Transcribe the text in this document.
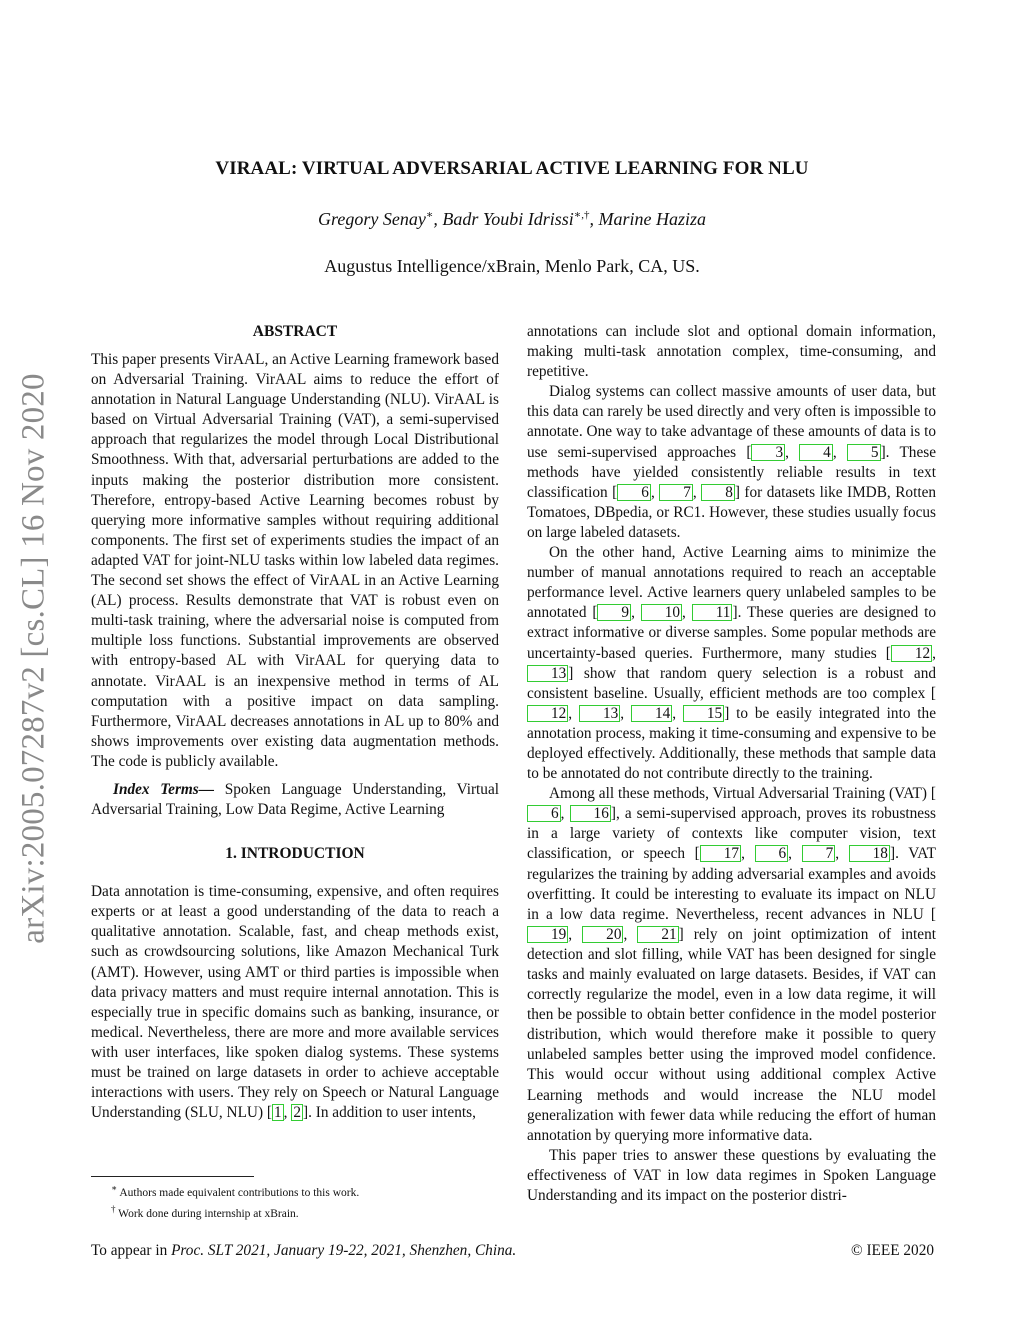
arXiv:2005.07287v2 [cs.CL] 16 Nov 2020
VIRAAL: VIRTUAL ADVERSARIAL ACTIVE LEARNING FOR NLU
Gregory Senay∗, Badr Youbi Idrissi∗,†, Marine Haziza
Augustus Intelligence/xBrain, Menlo Park, CA, US.
ABSTRACT

This paper presents VirAAL, an Active Learning framework based on Adversarial Training. VirAAL aims to reduce the effort of annotation in Natural Language Understanding (NLU). VirAAL is based on Virtual Adversarial Training (VAT), a semi-supervised approach that regularizes the model through Local Distributional Smoothness. With that, adversarial perturbations are added to the inputs making the posterior distribution more consistent. Therefore, entropy-based Active Learning becomes robust by querying more informative samples without requiring additional components. The first set of experiments studies the impact of an adapted VAT for joint-NLU tasks within low labeled data regimes. The second set shows the effect of VirAAL in an Active Learning (AL) process. Results demonstrate that VAT is robust even on multi-task training, where the adversarial noise is computed from multiple loss functions. Substantial improvements are observed with entropy-based AL with VirAAL for querying data to annotate. VirAAL is an inexpensive method in terms of AL computation with a positive impact on data sampling. Furthermore, VirAAL decreases annotations in AL up to 80% and shows improvements over existing data augmentation methods. The code is publicly available.

Index Terms— Spoken Language Understanding, Virtual Adversarial Training, Low Data Regime, Active Learning

1. INTRODUCTION

Data annotation is time-consuming, expensive, and often requires experts or at least a good understanding of the data to reach a qualitative annotation. Scalable, fast, and cheap methods exist, such as crowdsourcing solutions, like Amazon Mechanical Turk (AMT). However, using AMT or third parties is impossible when data privacy matters and must require internal annotation. This is especially true in specific domains such as banking, insurance, or medical. Nevertheless, there are more and more available services with user interfaces, like spoken dialog systems. These systems must be trained on large datasets in order to achieve acceptable interactions with users. They rely on Speech or Natural Language Understanding (SLU, NLU) [ 1 , 2 ]. In addition to user intents,

annotations can include slot and optional domain information, making multi-task annotation complex, time-consuming, and repetitive.

Dialog systems can collect massive amounts of user data, but this data can rarely be used directly and very often is impossible to annotate. One way to take advantage of these amounts of data is to use semi-supervised approaches [ 3 , 4 , 5 ]. These methods have yielded consistently reliable results in text classification [ 6 , 7 , 8 ] for datasets like IMDB, Rotten Tomatoes, DBpedia, or RC1. However, these studies usually focus on large labeled datasets.

On the other hand, Active Learning aims to minimize the number of manual annotations required to reach an acceptable performance level. Active learners query unlabeled samples to be annotated [ 9 , 10 , 11 ]. These queries are designed to extract informative or diverse samples. Some popular methods are uncertainty-based queries. Furthermore, many studies [ 12 , 13 ] show that random query selection is a robust and consistent baseline. Usually, efficient methods are too complex [12 , 13 , 14 , 15 ] to be easily integrated into the annotation process, making it time-consuming and expensive to be deployed effectively. Additionally, these methods that sample data to be annotated do not contribute directly to the training.

Among all these methods, Virtual Adversarial Training (VAT) [6 , 16 ], a semi-supervised approach, proves its robustness in a large variety of contexts like computer vision, text classification, or speech [ 17 , 6 , 7 , 18 ]. VAT regularizes the training by adding adversarial examples and avoids overfitting. It could be interesting to evaluate its impact on NLU in a low data regime. Nevertheless, recent advances in NLU [19 , 20 , 21 ] rely on joint optimization of intent detection and slot filling, while VAT has been designed for single tasks and mainly evaluated on large datasets. Besides, if VAT can correctly regularize the model, even in a low data regime, it will then be possible to obtain better confidence in the model posterior distribution, which would therefore make it possible to query unlabeled samples better using the improved model confidence. This would occur without using additional complex Active Learning methods and would increase the NLU model generalization with fewer data while reducing the effort of human annotation by querying more informative data.

This paper tries to answer these questions by evaluating the effectiveness of VAT in low data regimes in Spoken Language Understanding and its impact on the posterior distri-

∗ Authors made equivalent contributions to this work.
† Work done during internship at xBrain.
To appear in Proc. SLT 2021, January 19-22, 2021, Shenzhen, China.	© IEEE 2020
